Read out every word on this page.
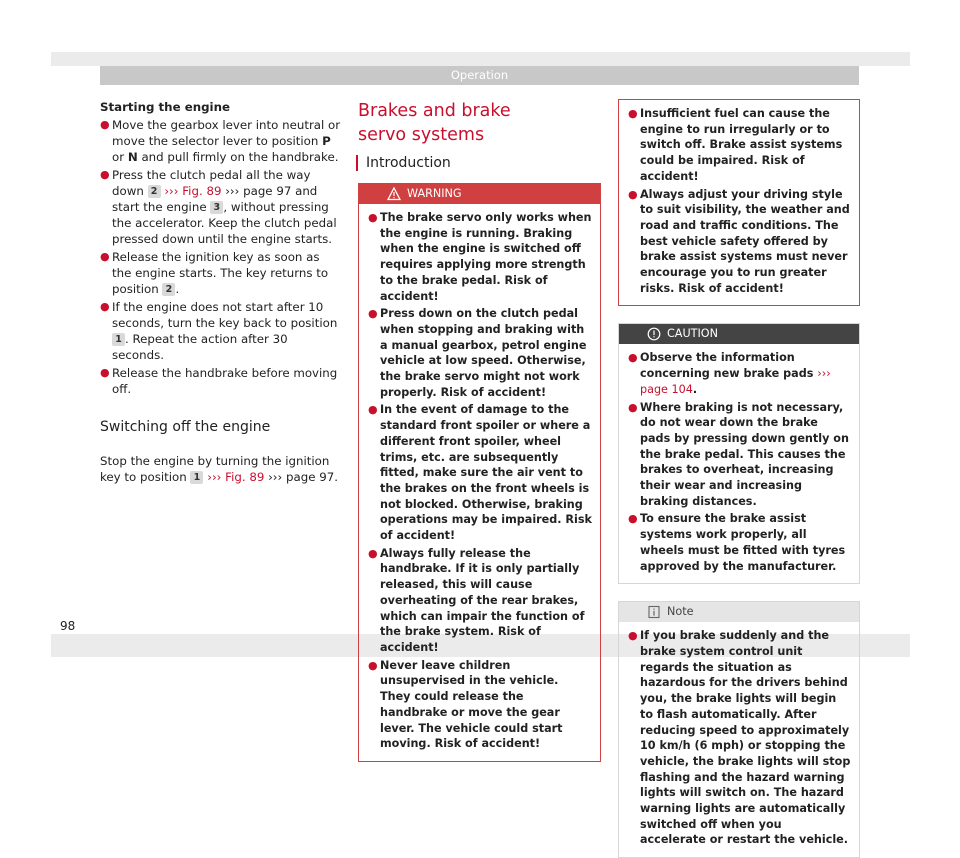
Operation
Starting the engine
● Move the gearbox lever into neutral or move the selector lever to position P or N and pull firmly on the handbrake.
● Press the clutch pedal all the way down 2 ››› Fig. 89 ››› page 97 and start the engine 3 , without pressing the accelerator. Keep the clutch pedal pressed down until the engine starts.
● Release the ignition key as soon as the engine starts. The key returns to position 2 .
● If the engine does not start after 10 seconds, turn the key back to position 1 . Repeat the action after 30 seconds.
● Release the handbrake before moving off.
Switching off the engine
Stop the engine by turning the ignition key to position 1 ››› Fig. 89 ››› page 97.
Brakes and brake servo systems
Introduction
WARNING
● The brake servo only works when the engine is running. Braking when the engine is switched off requires applying more strength to the brake pedal. Risk of accident!
● Press down on the clutch pedal when stopping and braking with a manual gearbox, petrol engine vehicle at low speed. Otherwise, the brake servo might not work properly. Risk of accident!
● In the event of damage to the standard front spoiler or where a different front spoiler, wheel trims, etc. are subsequently fitted, make sure the air vent to the brakes on the front wheels is not blocked. Otherwise, braking operations may be impaired. Risk of accident!
● Always fully release the handbrake. If it is only partially released, this will cause overheating of the rear brakes, which can impair the function of the brake system. Risk of accident!
● Never leave children unsupervised in the vehicle. They could release the handbrake or move the gear lever. The vehicle could start moving. Risk of accident!
● Insufficient fuel can cause the engine to run irregularly or to switch off. Brake assist systems could be impaired. Risk of accident!
● Always adjust your driving style to suit visibility, the weather and road and traffic conditions. The best vehicle safety offered by brake assist systems must never encourage you to run greater risks. Risk of accident!
CAUTION
● Observe the information concerning new brake pads ››› page 104.
● Where braking is not necessary, do not wear down the brake pads by pressing down gently on the brake pedal. This causes the brakes to overheat, increasing their wear and increasing braking distances.
● To ensure the brake assist systems work properly, all wheels must be fitted with tyres approved by the manufacturer.
Note
● If you brake suddenly and the brake system control unit regards the situation as hazardous for the drivers behind you, the brake lights will begin to flash automatically. After reducing speed to approximately 10 km/h (6 mph) or stopping the vehicle, the brake lights will stop flashing and the hazard warning lights will switch on. The hazard warning lights are automatically switched off when you accelerate or restart the vehicle.
98
